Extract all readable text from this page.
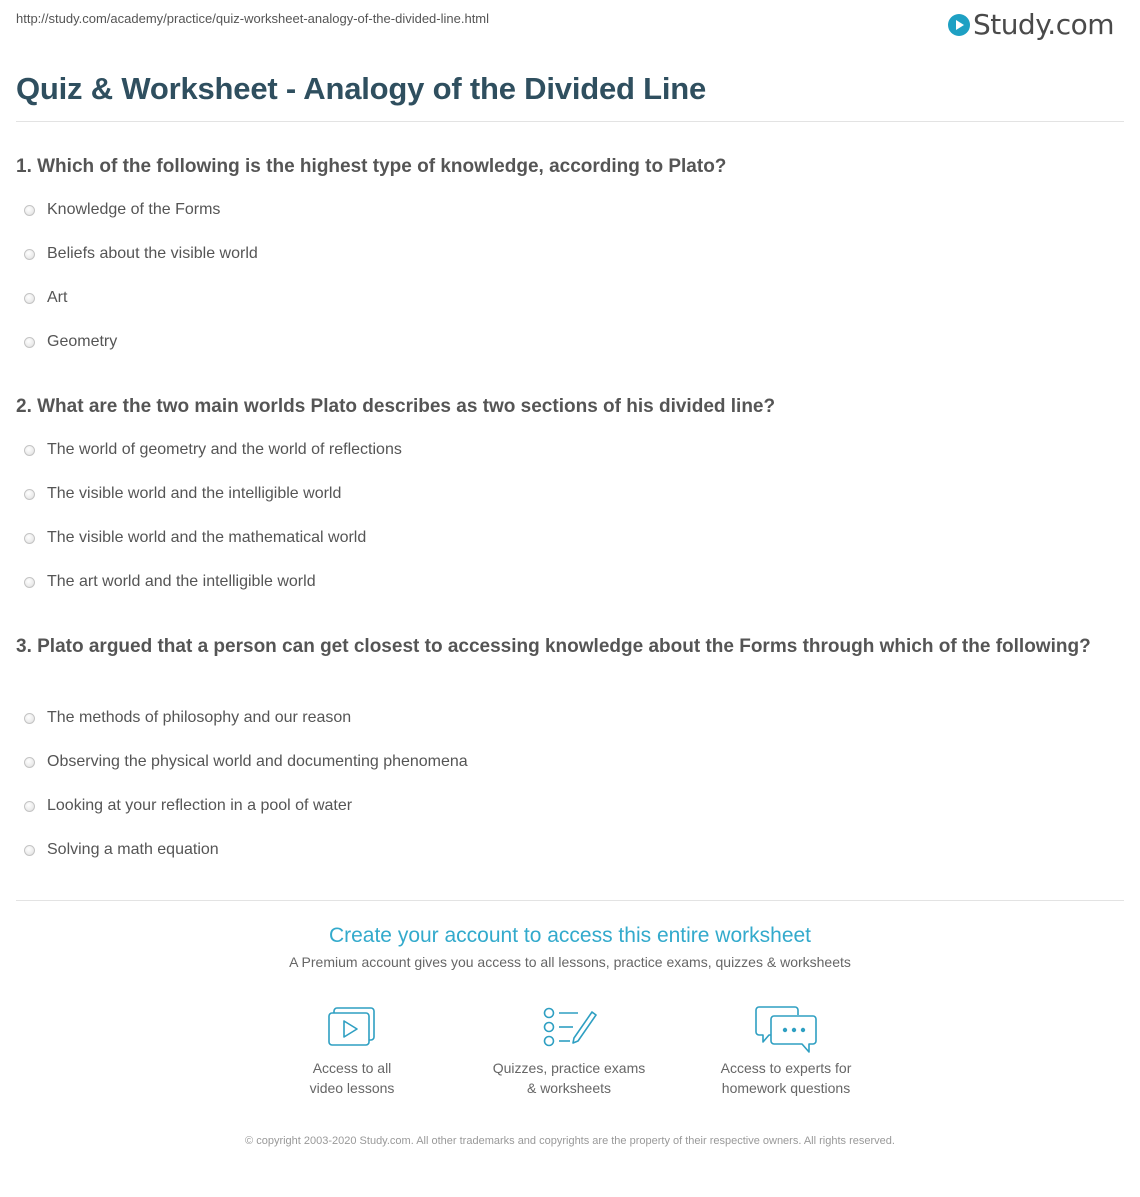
http://study.com/academy/practice/quiz-worksheet-analogy-of-the-divided-line.html	Study.com
Quiz & Worksheet - Analogy of the Divided Line
1. Which of the following is the highest type of knowledge, according to Plato?
Knowledge of the Forms
Beliefs about the visible world
Art
Geometry
2. What are the two main worlds Plato describes as two sections of his divided line?
The world of geometry and the world of reflections
The visible world and the intelligible world
The visible world and the mathematical world
The art world and the intelligible world
3. Plato argued that a person can get closest to accessing knowledge about the Forms through which of the following?
The methods of philosophy and our reason
Observing the physical world and documenting phenomena
Looking at your reflection in a pool of water
Solving a math equation
Create your account to access this entire worksheet
A Premium account gives you access to all lessons, practice exams, quizzes & worksheets
Access to all
video lessons
Quizzes, practice exams
& worksheets
Access to experts for
homework questions
© copyright 2003-2020 Study.com. All other trademarks and copyrights are the property of their respective owners. All rights reserved.
